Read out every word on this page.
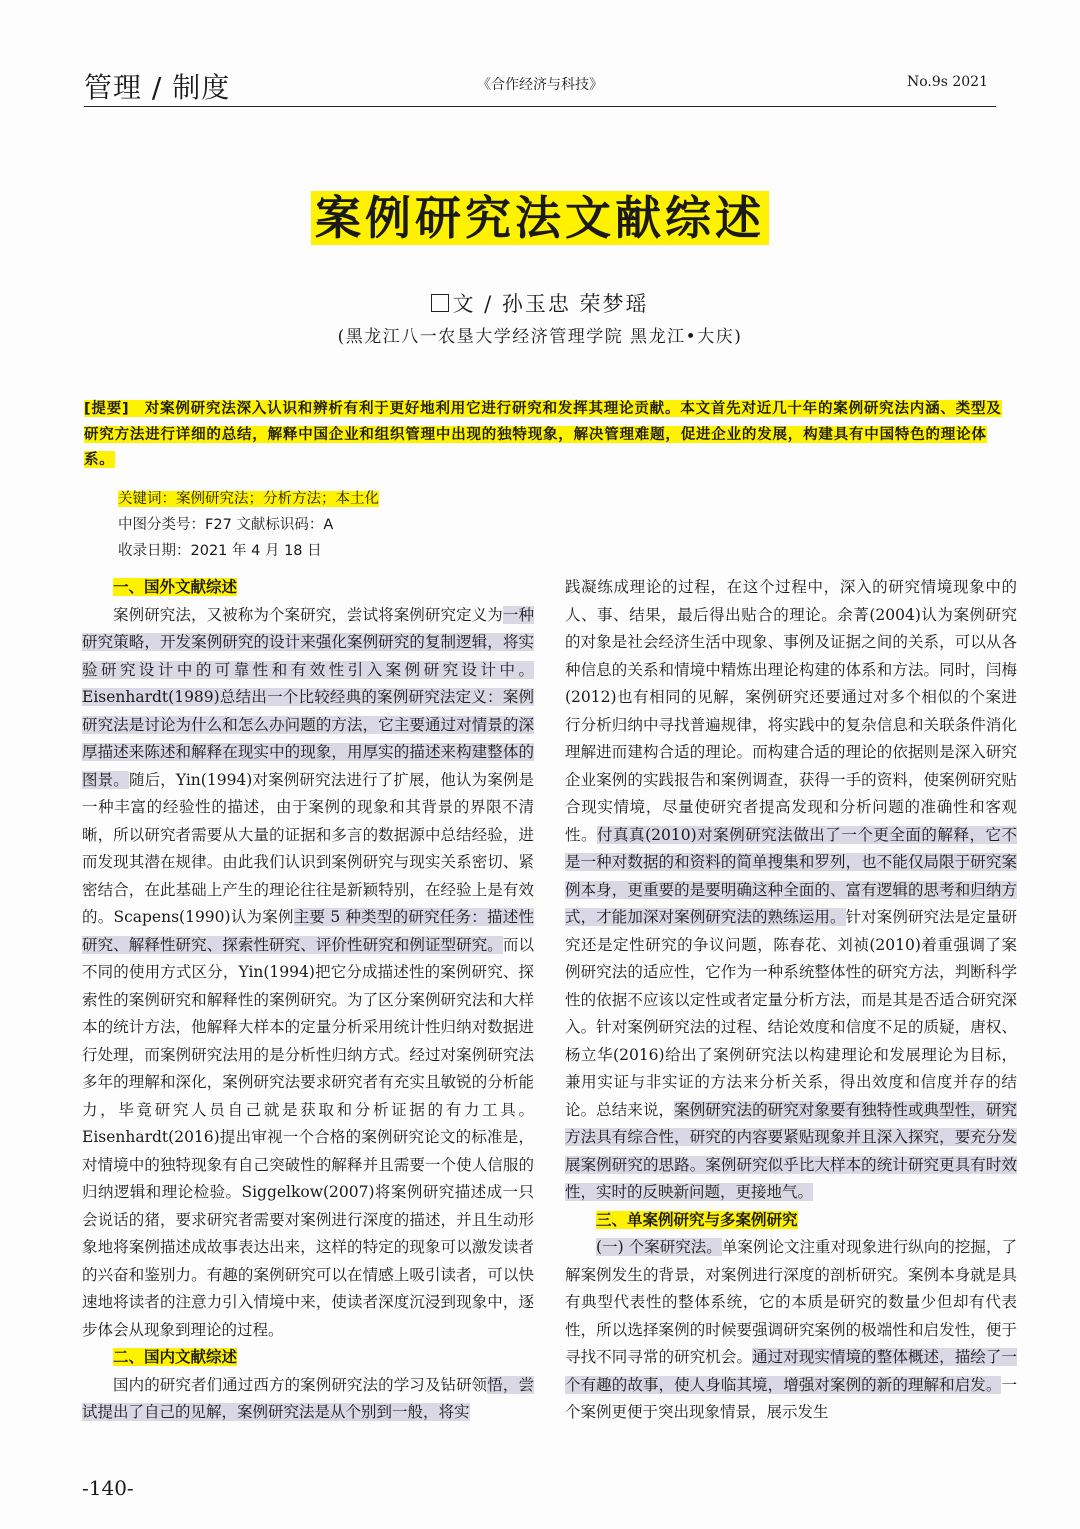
管理 / 制度	《合作经济与科技》	No.9s 2021
案例研究法文献综述
文 / 孙玉忠 荣梦瑶
(黑龙江八一农垦大学经济管理学院 黑龙江•大庆)
[提要]　 对案例研究法深入认识和辨析有利于更好地利用它进行研究和发挥其理论贡献。本文首先对近几十年的案例研究法内涵、类型及研究方法进行详细的总结，解释中国企业和组织管理中出现的独特现象，解决管理难题，促进企业的发展，构建具有中国特色的理论体系。
关键词：案例研究法；分析方法；本土化
中图分类号：F27 文献标识码：A
收录日期：2021 年 4 月 18 日
一、国外文献综述

案例研究法，又被称为个案研究，尝试将案例研究定义为一种研究策略，开发案例研究的设计来强化案例研究的复制逻辑，将实验研究设计中的可靠性和有效性引入案例研究设计中。Eisenhardt(1989)总结出一个比较经典的案例研究法定义：案例研究法是讨论为什么和怎么办问题的方法，它主要通过对情景的深厚描述来陈述和解释在现实中的现象，用厚实的描述来构建整体的图景。随后，Yin(1994)对案例研究法进行了扩展，他认为案例是一种丰富的经验性的描述，由于案例的现象和其背景的界限不清晰，所以研究者需要从大量的证据和多言的数据源中总结经验，进而发现其潜在规律。由此我们认识到案例研究与现实关系密切、紧密结合，在此基础上产生的理论往往是新颖特别，在经验上是有效的。Scapens(1990)认为案例主要 5 种类型的研究任务：描述性研究、解释性研究、探索性研究、评价性研究和例证型研究。而以不同的使用方式区分，Yin(1994)把它分成描述性的案例研究、探索性的案例研究和解释性的案例研究。为了区分案例研究法和大样本的统计方法，他解释大样本的定量分析采用统计性归纳对数据进行处理，而案例研究法用的是分析性归纳方式。经过对案例研究法多年的理解和深化，案例研究法要求研究者有充实且敏锐的分析能力，毕竟研究人员自己就是获取和分析证据的有力工具。Eisenhardt(2016)提出审视一个合格的案例研究论文的标准是，对情境中的独特现象有自己突破性的解释并且需要一个使人信服的归纳逻辑和理论检验。Siggelkow(2007)将案例研究描述成一只会说话的猪，要求研究者需要对案例进行深度的描述，并且生动形象地将案例描述成故事表达出来，这样的特定的现象可以激发读者的兴奋和鉴别力。有趣的案例研究可以在情感上吸引读者，可以快速地将读者的注意力引入情境中来，使读者深度沉浸到现象中，逐步体会从现象到理论的过程。

二、国内文献综述

国内的研究者们通过西方的案例研究法的学习及钻研领悟，尝试提出了自己的见解，案例研究法是从个别到一般，将实

践凝练成理论的过程，在这个过程中，深入的研究情境现象中的人、事、结果，最后得出贴合的理论。余菁(2004)认为案例研究的对象是社会经济生活中现象、事例及证据之间的关系，可以从各种信息的关系和情境中精炼出理论构建的体系和方法。同时，闫梅(2012)也有相同的见解，案例研究还要通过对多个相似的个案进行分析归纳中寻找普遍规律，将实践中的复杂信息和关联条件消化理解进而建构合适的理论。而构建合适的理论的依据则是深入研究企业案例的实践报告和案例调查，获得一手的资料，使案例研究贴合现实情境，尽量使研究者提高发现和分析问题的准确性和客观性。付真真(2010)对案例研究法做出了一个更全面的解释，它不是一种对数据的和资料的简单搜集和罗列，也不能仅局限于研究案例本身，更重要的是要明确这种全面的、富有逻辑的思考和归纳方式，才能加深对案例研究法的熟练运用。针对案例研究法是定量研究还是定性研究的争议问题，陈春花、刘祯(2010)着重强调了案例研究法的适应性，它作为一种系统整体性的研究方法，判断科学性的依据不应该以定性或者定量分析方法，而是其是否适合研究深入。针对案例研究法的过程、结论效度和信度不足的质疑，唐权、杨立华(2016)给出了案例研究法以构建理论和发展理论为目标，兼用实证与非实证的方法来分析关系，得出效度和信度并存的结论。总结来说，案例研究法的研究对象要有独特性或典型性，研究方法具有综合性，研究的内容要紧贴现象并且深入探究，要充分发展案例研究的思路。案例研究似乎比大样本的统计研究更具有时效性，实时的反映新问题，更接地气。

三、单案例研究与多案例研究

(一) 个案研究法。单案例论文注重对现象进行纵向的挖掘，了解案例发生的背景，对案例进行深度的剖析研究。案例本身就是具有典型代表性的整体系统，它的本质是研究的数量少但却有代表性，所以选择案例的时候要强调研究案例的极端性和启发性，便于寻找不同寻常的研究机会。通过对现实情境的整体概述，描绘了一个有趣的故事，使人身临其境，增强对案例的新的理解和启发。一个案例更便于突出现象情景，展示发生

-140-
